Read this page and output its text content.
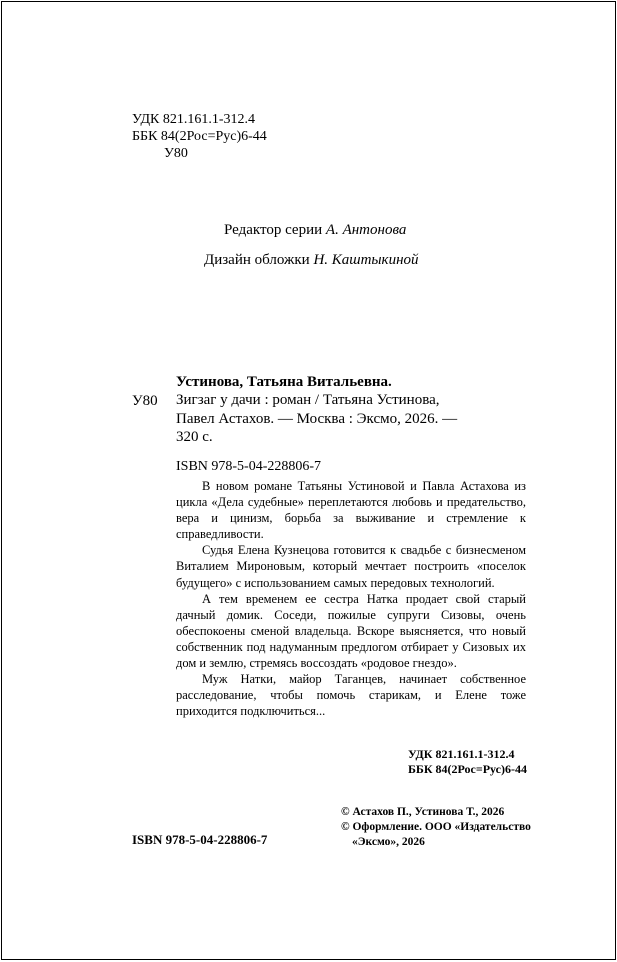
УДК 821.161.1-312.4
ББК 84(2Рос=Рус)6-44
У80
Редактор серии А. Антонова
Дизайн обложки Н. Каштыкиной
Устинова, Татьяна Витальевна.
У80 Зигзаг у дачи : роман / Татьяна Устинова,
Павел Астахов. — Москва : Эксмо, 2026. —
320 с.
ISBN 978-5-04-228806-7

В новом романе Татьяны Устиновой и Павла Астахова из цикла «Дела судебные» переплетаются любовь и предательство, вера и цинизм, борьба за выживание и стремление к справедливости.

Судья Елена Кузнецова готовится к свадьбе с бизнесменом Виталием Мироновым, который мечтает построить «поселок будущего» с использованием самых передовых технологий.

А тем временем ее сестра Натка продает свой старый дачный домик. Соседи, пожилые супруги Сизовы, очень обеспокоены сменой владельца. Вскоре выясняется, что новый собственник под надуманным предлогом отбирает у Сизовых их дом и землю, стремясь воссоздать «родовое гнездо».

Муж Натки, майор Таганцев, начинает собственное расследование, чтобы помочь старикам, и Елене тоже приходится подключиться...

УДК 821.161.1-312.4
ББК 84(2Рос=Рус)6-44
© Астахов П., Устинова Т., 2026
© Оформление. ООО «Издательство
«Эксмо», 2026
ISBN 978-5-04-228806-7
